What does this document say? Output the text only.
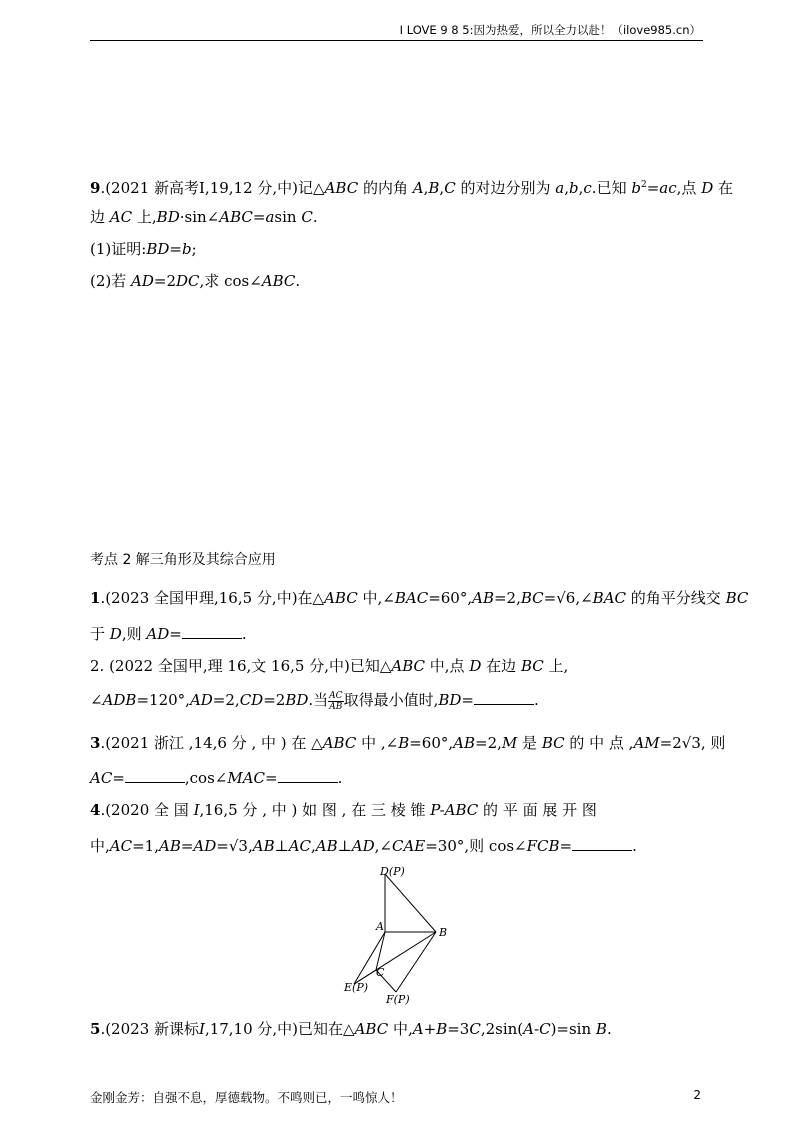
I LOVE 9 8 5:因为热爱，所以全力以赴！（ilove985.cn）
9.(2021 新高考I,19,12 分,中)记△ABC 的内角 A,B,C 的对边分别为 a,b,c.已知 $b^2=ac$,点 D 在
边 AC 上,BD·sin∠ABC=asin C.
(1)证明:BD=b;
(2)若 AD=2DC,求 cos∠ABC.
考点 2 解三角形及其综合应用
1.(2023 全国甲理,16,5 分,中)在△ABC 中,∠BAC=60°,AB=2,BC=√6,∠BAC 的角平分线交 BC
于 D,则 AD=	.
2. (2022 全国甲,理 16,文 16,5 分,中)已知△ABC 中,点 D 在边 BC 上,
∠ADB=120°,AD=2,CD=2BD.当 $\frac{AC}{AB}$ 取得最小值时,BD=	.
3.(2021 浙江 ,14,6 分 , 中 ) 在 △ABC 中 ,∠B=60°,AB=2,M 是 BC 的 中 点 ,AM=2√3, 则
AC=	,cos∠MAC=	.
4.(2020 全 国 I,16,5 分 , 中 ) 如 图 , 在 三 棱 锥 P-ABC 的 平 面 展 开 图
中,AC=1,AB=AD=√3,AB⊥AC,AB⊥AD,∠CAE=30°,则 cos∠FCB=	.
D(P)
A	B
C
E(P)
F(P)
5.(2023 新课标I,17,10 分,中)已知在△ABC 中,A+B=3C,2sin(A-C)=sin B.
金刚金芳：自强不息，厚德载物。不鸣则已，一鸣惊人！	2
